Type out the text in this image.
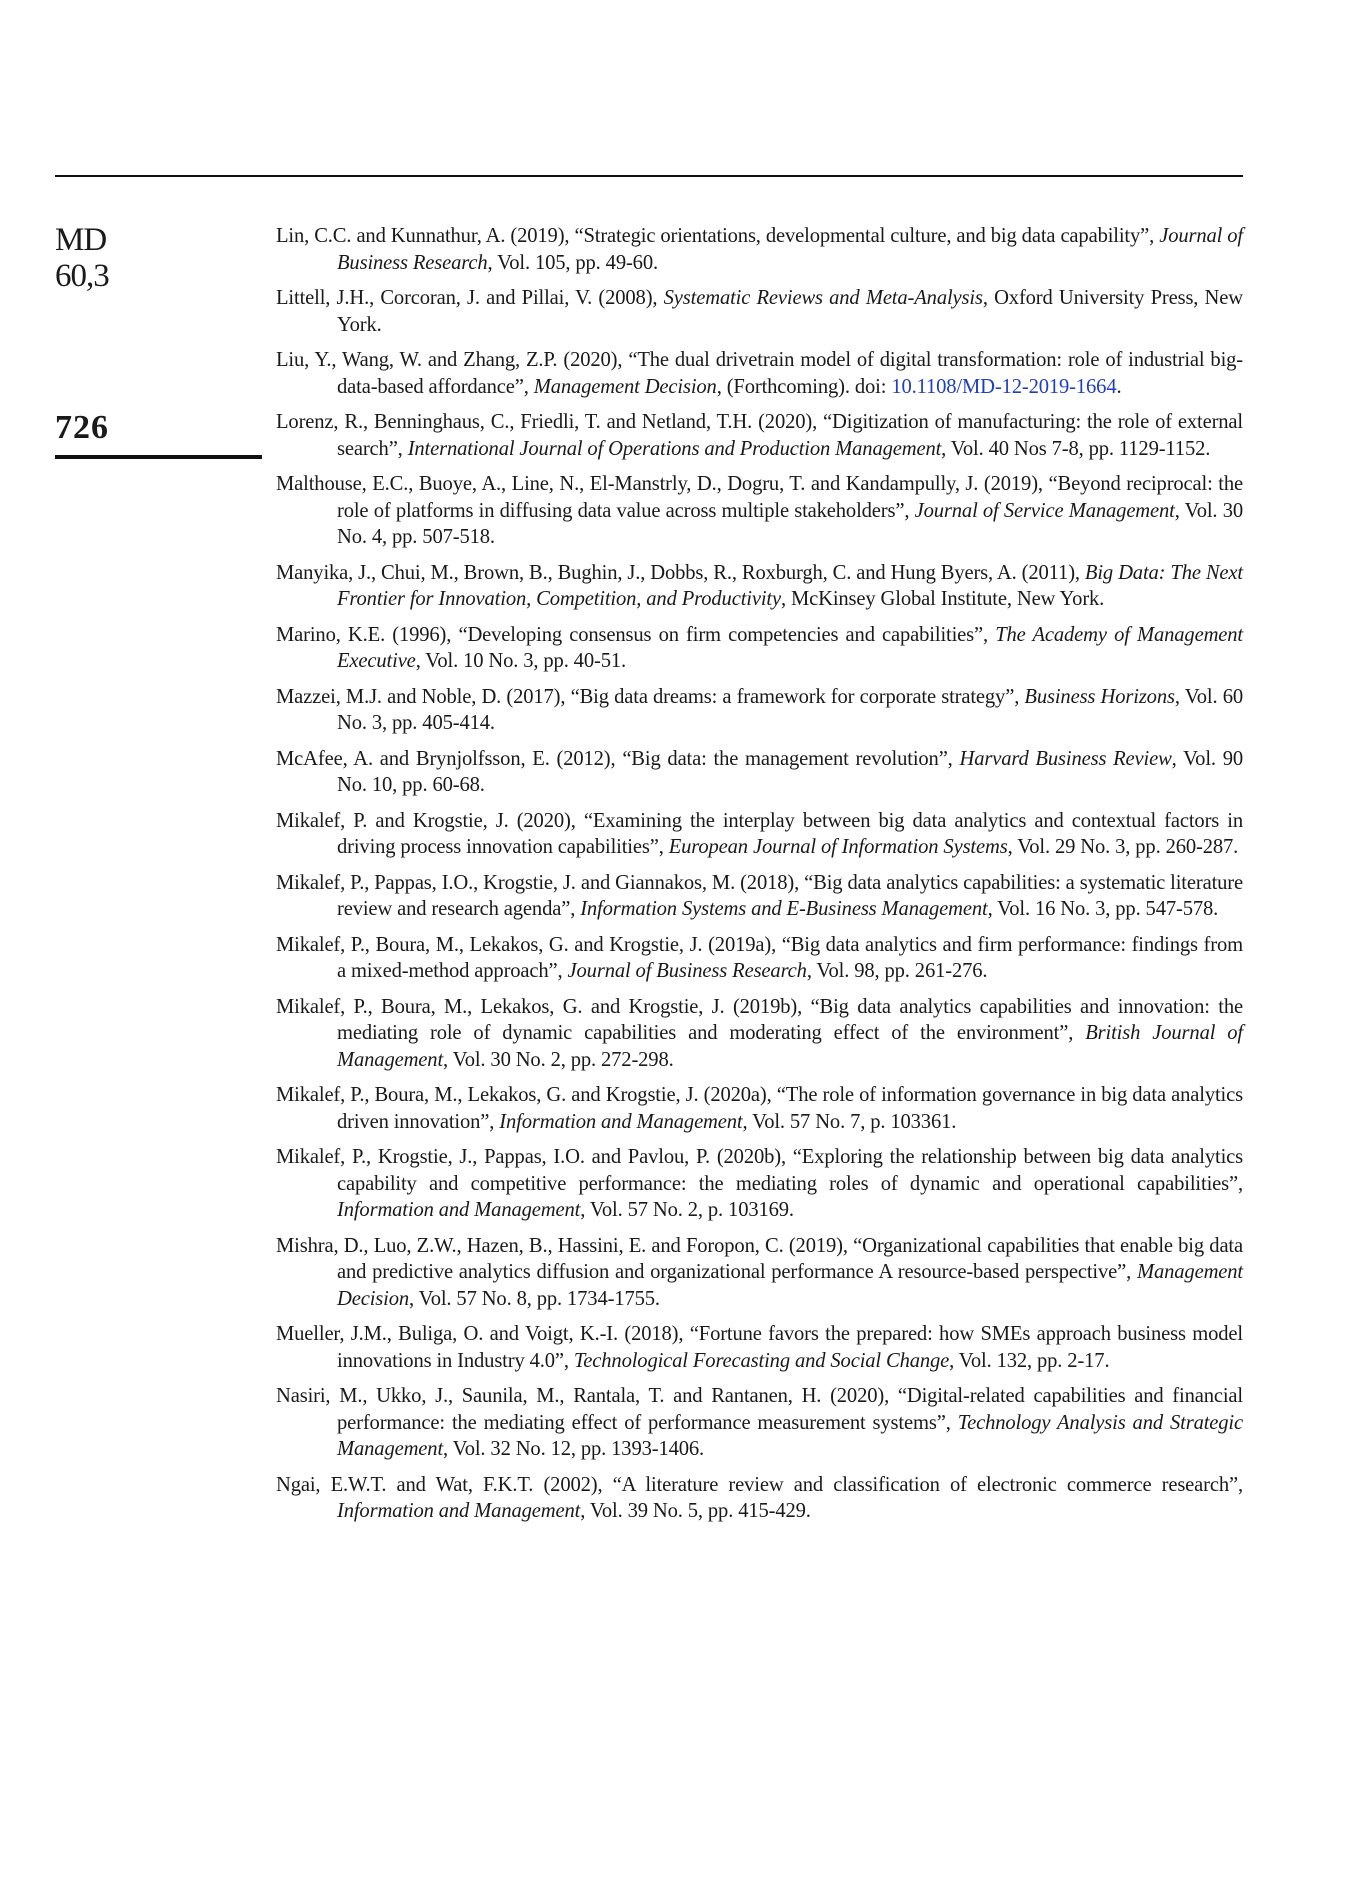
MD
60,3
726
Lin, C.C. and Kunnathur, A. (2019), “Strategic orientations, developmental culture, and big data capability”, Journal of Business Research, Vol. 105, pp. 49-60.
Littell, J.H., Corcoran, J. and Pillai, V. (2008), Systematic Reviews and Meta-Analysis, Oxford University Press, New York.
Liu, Y., Wang, W. and Zhang, Z.P. (2020), “The dual drivetrain model of digital transformation: role of industrial big-data-based affordance”, Management Decision, (Forthcoming). doi: 10.1108/MD-12-2019-1664.
Lorenz, R., Benninghaus, C., Friedli, T. and Netland, T.H. (2020), “Digitization of manufacturing: the role of external search”, International Journal of Operations and Production Management, Vol. 40 Nos 7-8, pp. 1129-1152.
Malthouse, E.C., Buoye, A., Line, N., El-Manstrly, D., Dogru, T. and Kandampully, J. (2019), “Beyond reciprocal: the role of platforms in diffusing data value across multiple stakeholders”, Journal of Service Management, Vol. 30 No. 4, pp. 507-518.
Manyika, J., Chui, M., Brown, B., Bughin, J., Dobbs, R., Roxburgh, C. and Hung Byers, A. (2011), Big Data: The Next Frontier for Innovation, Competition, and Productivity, McKinsey Global Institute, New York.
Marino, K.E. (1996), “Developing consensus on firm competencies and capabilities”, The Academy of Management Executive, Vol. 10 No. 3, pp. 40-51.
Mazzei, M.J. and Noble, D. (2017), “Big data dreams: a framework for corporate strategy”, Business Horizons, Vol. 60 No. 3, pp. 405-414.
McAfee, A. and Brynjolfsson, E. (2012), “Big data: the management revolution”, Harvard Business Review, Vol. 90 No. 10, pp. 60-68.
Mikalef, P. and Krogstie, J. (2020), “Examining the interplay between big data analytics and contextual factors in driving process innovation capabilities”, European Journal of Information Systems, Vol. 29 No. 3, pp. 260-287.
Mikalef, P., Pappas, I.O., Krogstie, J. and Giannakos, M. (2018), “Big data analytics capabilities: a systematic literature review and research agenda”, Information Systems and E-Business Management, Vol. 16 No. 3, pp. 547-578.
Mikalef, P., Boura, M., Lekakos, G. and Krogstie, J. (2019a), “Big data analytics and firm performance: findings from a mixed-method approach”, Journal of Business Research, Vol. 98, pp. 261-276.
Mikalef, P., Boura, M., Lekakos, G. and Krogstie, J. (2019b), “Big data analytics capabilities and innovation: the mediating role of dynamic capabilities and moderating effect of the environment”, British Journal of Management, Vol. 30 No. 2, pp. 272-298.
Mikalef, P., Boura, M., Lekakos, G. and Krogstie, J. (2020a), “The role of information governance in big data analytics driven innovation”, Information and Management, Vol. 57 No. 7, p. 103361.
Mikalef, P., Krogstie, J., Pappas, I.O. and Pavlou, P. (2020b), “Exploring the relationship between big data analytics capability and competitive performance: the mediating roles of dynamic and operational capabilities”, Information and Management, Vol. 57 No. 2, p. 103169.
Mishra, D., Luo, Z.W., Hazen, B., Hassini, E. and Foropon, C. (2019), “Organizational capabilities that enable big data and predictive analytics diffusion and organizational performance A resource-based perspective”, Management Decision, Vol. 57 No. 8, pp. 1734-1755.
Mueller, J.M., Buliga, O. and Voigt, K.-I. (2018), “Fortune favors the prepared: how SMEs approach business model innovations in Industry 4.0”, Technological Forecasting and Social Change, Vol. 132, pp. 2-17.
Nasiri, M., Ukko, J., Saunila, M., Rantala, T. and Rantanen, H. (2020), “Digital-related capabilities and financial performance: the mediating effect of performance measurement systems”, Technology Analysis and Strategic Management, Vol. 32 No. 12, pp. 1393-1406.
Ngai, E.W.T. and Wat, F.K.T. (2002), “A literature review and classification of electronic commerce research”, Information and Management, Vol. 39 No. 5, pp. 415-429.
